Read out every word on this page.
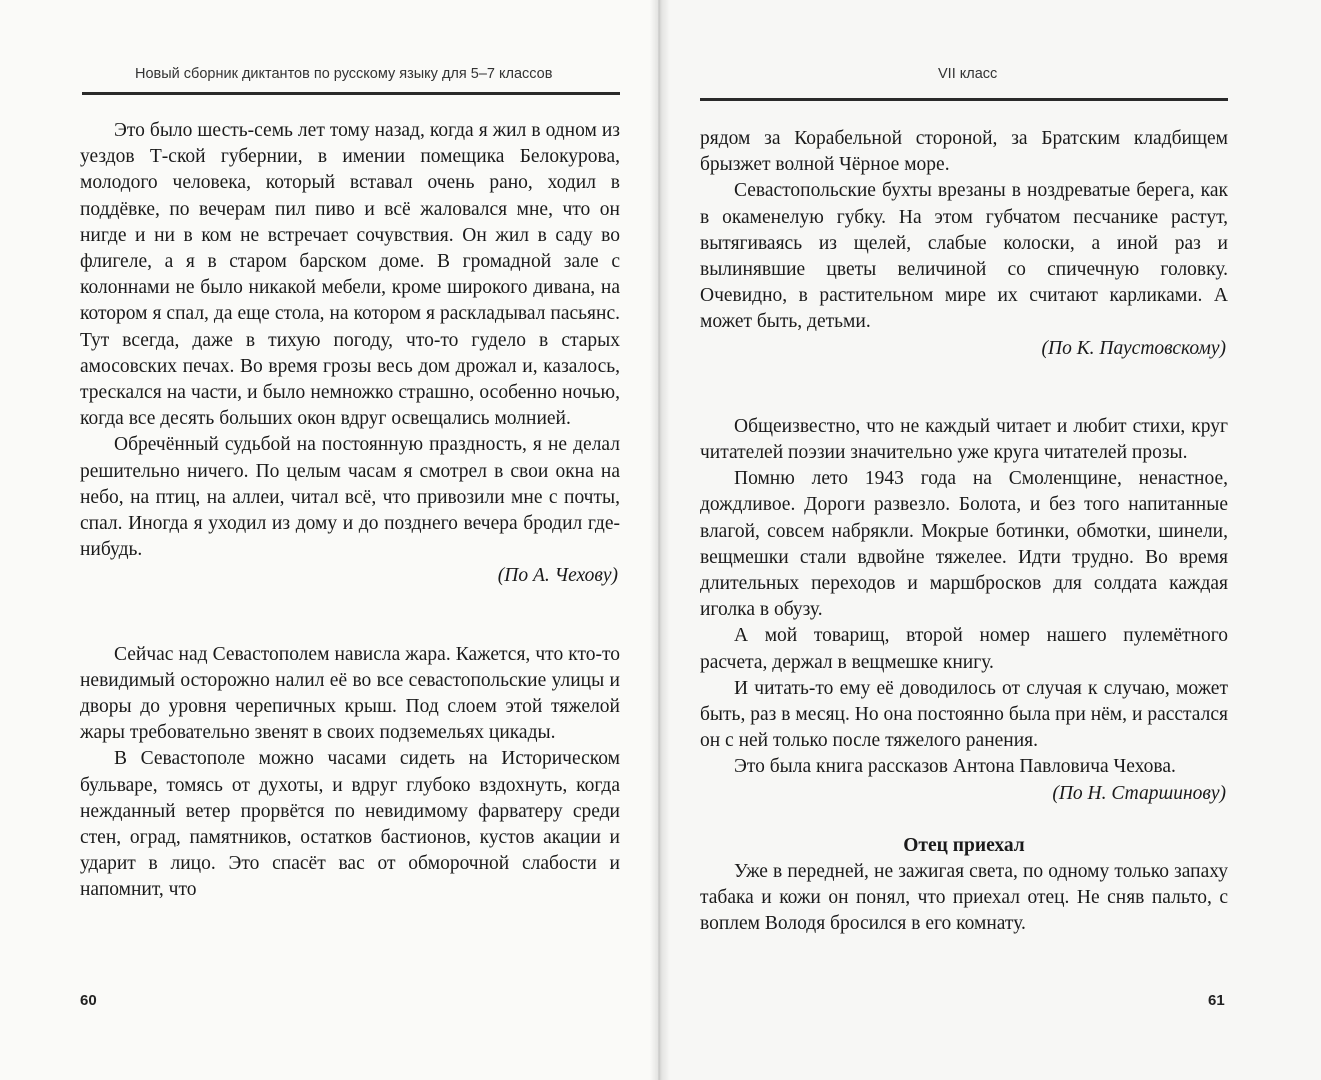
Новый сборник диктантов по русскому языку для 5–7 классов	VII класс

Это было шесть-семь лет тому назад, когда я жил в одном из уездов Т-ской губернии, в имении помещика Белокурова, молодого человека, который вставал очень рано, ходил в поддёвке, по вечерам пил пиво и всё жаловался мне, что он нигде и ни в ком не встречает сочувствия. Он жил в саду во флигеле, а я в старом барском доме. В громадной зале с колоннами не было никакой мебели, кроме широкого дивана, на котором я спал, да еще стола, на котором я раскладывал пасьянс. Тут всегда, даже в тихую погоду, что-то гудело в старых амосовских печах. Во время грозы весь дом дрожал и, казалось, трескался на части, и было немножко страшно, особенно ночью, когда все десять больших окон вдруг освещались молнией.

Обречённый судьбой на постоянную праздность, я не делал решительно ничего. По целым часам я смотрел в свои окна на небо, на птиц, на аллеи, читал всё, что привозили мне с почты, спал. Иногда я уходил из дому и до позднего вечера бродил где-нибудь.

(По А. Чехову)

Сейчас над Севастополем нависла жара. Кажется, что кто-то невидимый осторожно налил её во все севастопольские улицы и дворы до уровня черепичных крыш. Под слоем этой тяжелой жары требовательно звенят в своих подземельях цикады.

В Севастополе можно часами сидеть на Историческом бульваре, томясь от духоты, и вдруг глубоко вздохнуть, когда нежданный ветер прорвётся по невидимому фарватеру среди стен, оград, памятников, остатков бастионов, кустов акации и ударит в лицо. Это спасёт вас от обморочной слабости и напомнит, что

рядом за Корабельной стороной, за Братским кладбищем брызжет волной Чёрное море.

Севастопольские бухты врезаны в ноздреватые берега, как в окаменелую губку. На этом губчатом песчанике растут, вытягиваясь из щелей, слабые колоски, а иной раз и вылинявшие цветы величиной со спичечную головку. Очевидно, в растительном мире их считают карликами. А может быть, детьми.

(По К. Паустовскому)

Общеизвестно, что не каждый читает и любит стихи, круг читателей поэзии значительно уже круга читателей прозы.

Помню лето 1943 года на Смоленщине, ненастное, дождливое. Дороги развезло. Болота, и без того напитанные влагой, совсем набрякли. Мокрые ботинки, обмотки, шинели, вещмешки стали вдвойне тяжелее. Идти трудно. Во время длительных переходов и маршбросков для солдата каждая иголка в обузу.

А мой товарищ, второй номер нашего пулемётного расчета, держал в вещмешке книгу.

И читать-то ему её доводилось от случая к случаю, может быть, раз в месяц. Но она постоянно была при нём, и расстался он с ней только после тяжелого ранения.

Это была книга рассказов Антона Павловича Чехова.

(По Н. Старшинову)

Отец приехал

Уже в передней, не зажигая света, по одному только запаху табака и кожи он понял, что приехал отец. Не сняв пальто, с воплем Володя бросился в его комнату.

60	61
